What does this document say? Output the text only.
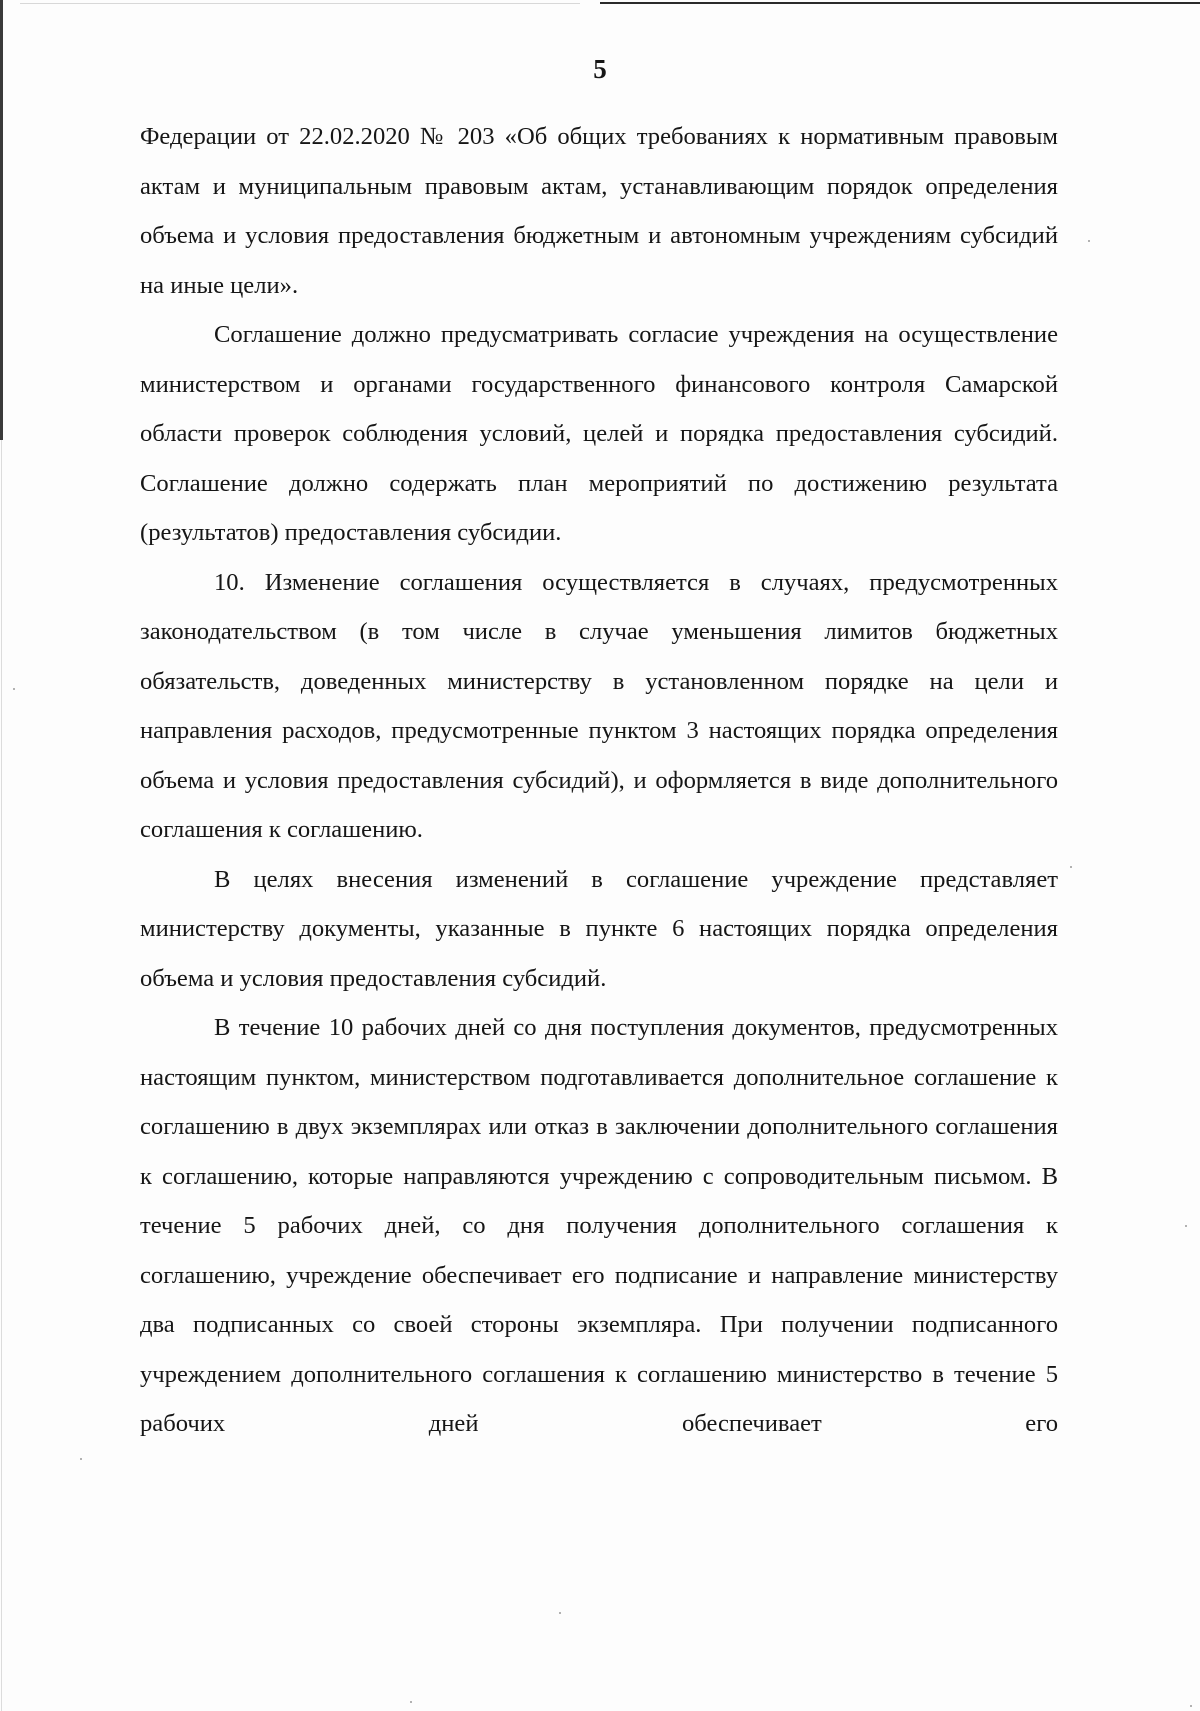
5

Федерации от 22.02.2020 № 203 «Об общих требованиях к нормативным правовым актам и муниципальным правовым актам, устанавливающим порядок определения объема и условия предоставления бюджетным и автономным учреждениям субсидий на иные цели».

Соглашение должно предусматривать согласие учреждения на осуществление министерством и органами государственного финансового контроля Самарской области проверок соблюдения условий, целей и порядка предоставления субсидий. Соглашение должно содержать план мероприятий по достижению результата (результатов) предоставления субсидии.

10. Изменение соглашения осуществляется в случаях, предусмотренных законодательством (в том числе в случае уменьшения лимитов бюджетных обязательств, доведенных министерству в установленном порядке на цели и направления расходов, предусмотренные пунктом 3 настоящих порядка определения объема и условия предоставления субсидий), и оформляется в виде дополнительного соглашения к соглашению.

В целях внесения изменений в соглашение учреждение представляет министерству документы, указанные в пункте 6 настоящих порядка определения объема и условия предоставления субсидий.

В течение 10 рабочих дней со дня поступления документов, предусмотренных настоящим пунктом, министерством подготавливается дополнительное соглашение к соглашению в двух экземплярах или отказ в заключении дополнительного соглашения к соглашению, которые направляются учреждению с сопроводительным письмом. В течение 5 рабочих дней, со дня получения дополнительного соглашения к соглашению, учреждение обеспечивает его подписание и направление министерству два подписанных со своей стороны экземпляра. При получении подписанного учреждением дополнительного соглашения к соглашению министерство в течение 5 рабочих дней обеспечивает его
